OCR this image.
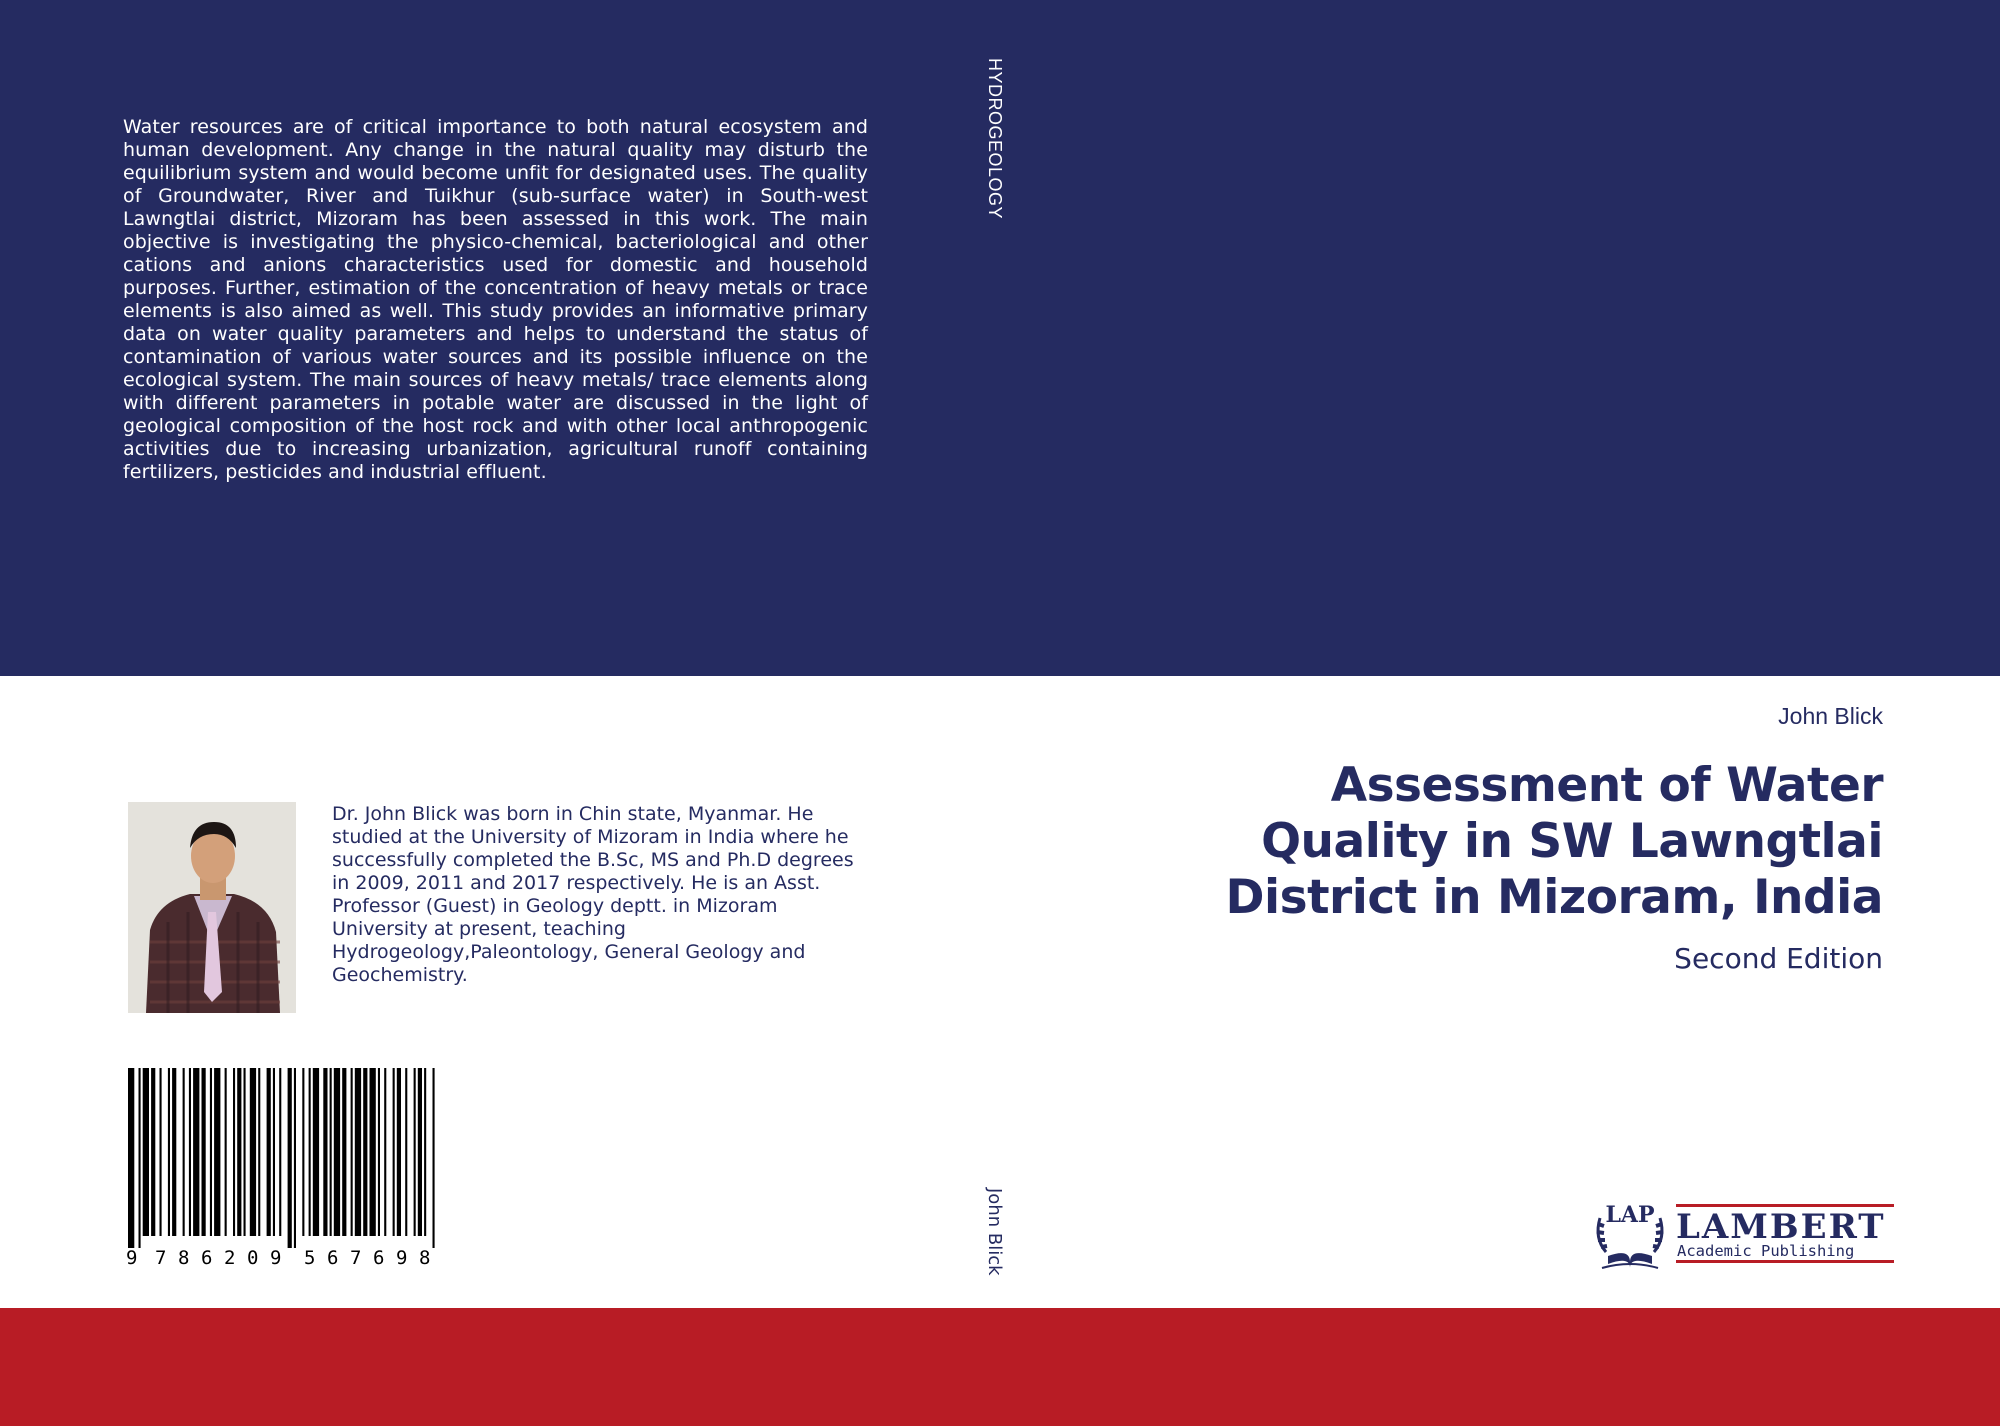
Water resources are of critical importance to both natural ecosystem and human development. Any change in the natural quality may disturb the equilibrium system and would become unfit for designated uses. The quality of Groundwater, River and Tuikhur (sub-surface water) in South-west Lawngtlai district, Mizoram has been assessed in this work. The main objective is investigating the physico-chemical, bacteriological and other cations and anions characteristics used for domestic and household purposes. Further, estimation of the concentration of heavy metals or trace elements is also aimed as well. This study provides an informative primary data on water quality parameters and helps to understand the status of contamination of various water sources and its possible influence on the ecological system. The main sources of heavy metals/ trace elements along with different parameters in potable water are discussed in the light of geological composition of the host rock and with other local anthropogenic activities due to increasing urbanization, agricultural runoff containing fertilizers, pesticides and industrial effluent.
HYDROGEOLOGY
John Blick
John Blick
Assessment of Water Quality in SW Lawngtlai District in Mizoram, India
Second Edition
Dr. John Blick was born in Chin state, Myanmar. He studied at the University of Mizoram in India where he successfully completed the B.Sc, MS and Ph.D degrees in 2009, 2011 and 2017 respectively. He is an Asst. Professor (Guest) in Geology deptt. in Mizoram University at present, teaching Hydrogeology,Paleontology, General Geology and Geochemistry.
9 7 8 6 2 0 9 5 6 7 6 9 8
LAP LAMBERT
Academic Publishing
